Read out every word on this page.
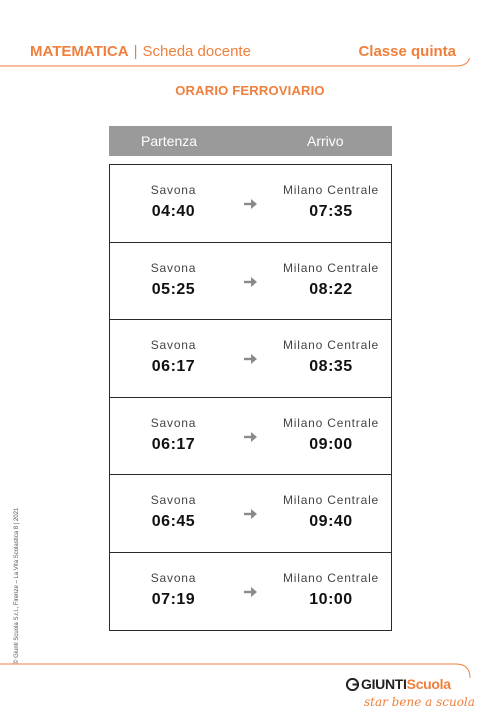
MATEMATICA | Scheda docente	Classe quinta
ORARIO FERROVIARIO
Partenza	Arrivo
Savona
04:40
Milano Centrale
07:35
Savona
05:25
Milano Centrale
08:22
Savona
06:17
Milano Centrale
08:35
Savona
06:17
Milano Centrale
09:00
Savona
06:45
Milano Centrale
09:40
Savona
07:19
Milano Centrale
10:00
© Giunti Scuola S.r.l., Firenze – La Vita Scolastica 8 | 2021
GIUNTIScuola
star bene a scuola
